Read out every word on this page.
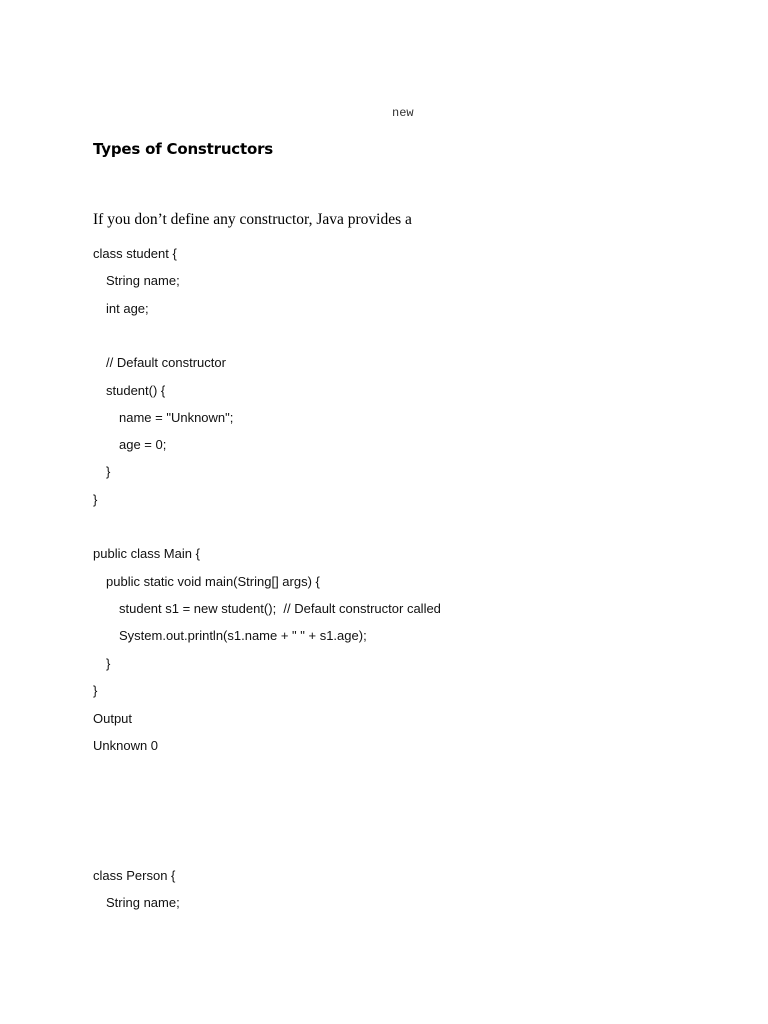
new
Types of Constructors
If you don’t define any constructor, Java provides a
class student {
String name;
int age;
// Default constructor
student() {
name = "Unknown";
age = 0;
}
}
public class Main {
public static void main(String[] args) {
student s1 = new student();  // Default constructor called
System.out.println(s1.name + " " + s1.age);
}
}
Output
Unknown 0
class Person {
String name;
